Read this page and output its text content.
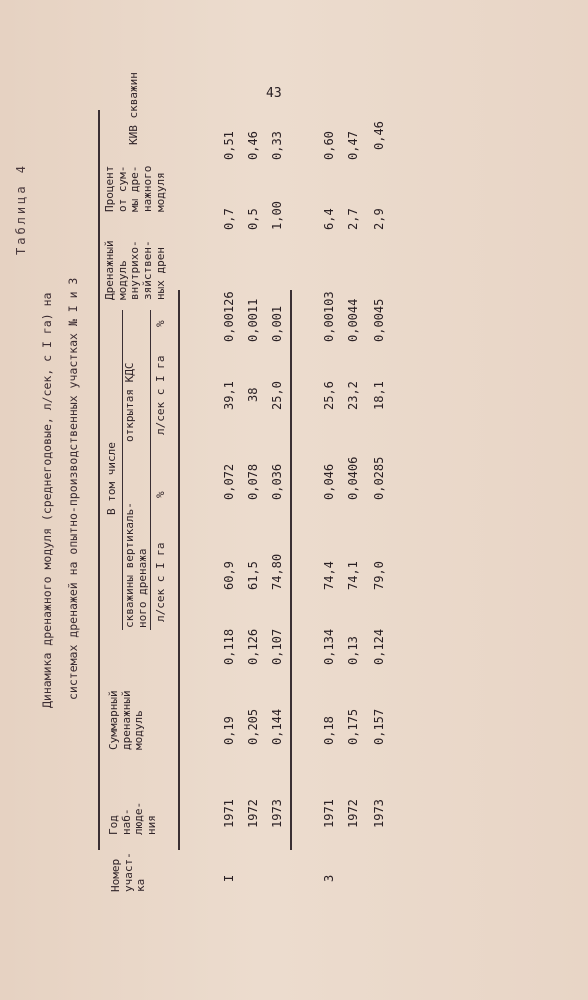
43
Таблица 4
Динамика дренажного модуля (среднегодовые, л/сек, с I га) на системах дренажей на опытно-производственных участках № I и 3
Номер участ- ка
Год наб- люде- ния
Суммарный дренажный модуль
В том числе
скважины вертикаль- ного дренажа
открытая КДС
л/сек с I га
%
л/сек с I га
%
Дренажный модуль внутрихо- зяйствен- ных дрен
Процент от сум- мы дре- нажного модуля
КИВ скважин
I
1971
0,19
0,118
60,9
0,072
39,1
0,00126
0,7
0,51
1972
0,205
0,126
61,5
0,078
38
0,0011
0,5
0,46
1973
0,144
0,107
74,80
0,036
25,0
0,001
1,00
0,33
3
1971
0,18
0,134
74,4
0,046
25,6
0,00103
6,4
0,60
1972
0,175
0,13
74,1
0,0406
23,2
0,0044
2,7
0,47
1973
0,157
0,124
79,0
0,0285
18,1
0,0045
2,9
0,46
